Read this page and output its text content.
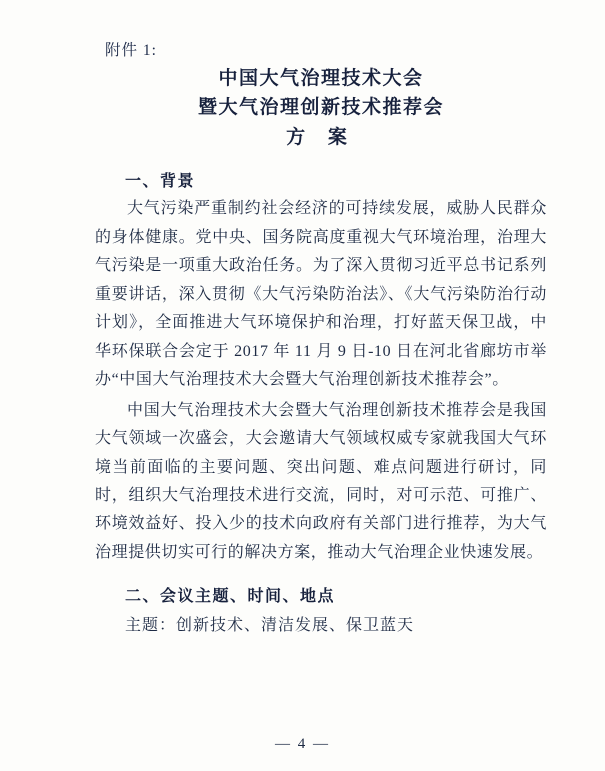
附件 1:
中国大气治理技术大会
暨大气治理创新技术推荐会
方 案
一、背景

大气污染严重制约社会经济的可持续发展，威胁人民群众的身体健康。党中央、国务院高度重视大气环境治理，治理大气污染是一项重大政治任务。为了深入贯彻习近平总书记系列重要讲话，深入贯彻《大气污染防治法》、《大气污染防治行动计划》，全面推进大气环境保护和治理，打好蓝天保卫战，中华环保联合会定于 2017 年 11 月 9 日-10 日在河北省廊坊市举办“中国大气治理技术大会暨大气治理创新技术推荐会”。

中国大气治理技术大会暨大气治理创新技术推荐会是我国大气领域一次盛会，大会邀请大气领域权威专家就我国大气环境当前面临的主要问题、突出问题、难点问题进行研讨，同时，组织大气治理技术进行交流，同时，对可示范、可推广、环境效益好、投入少的技术向政府有关部门进行推荐，为大气治理提供切实可行的解决方案，推动大气治理企业快速发展。

二、会议主题、时间、地点
主题：创新技术、清洁发展、保卫蓝天
— 4 —
